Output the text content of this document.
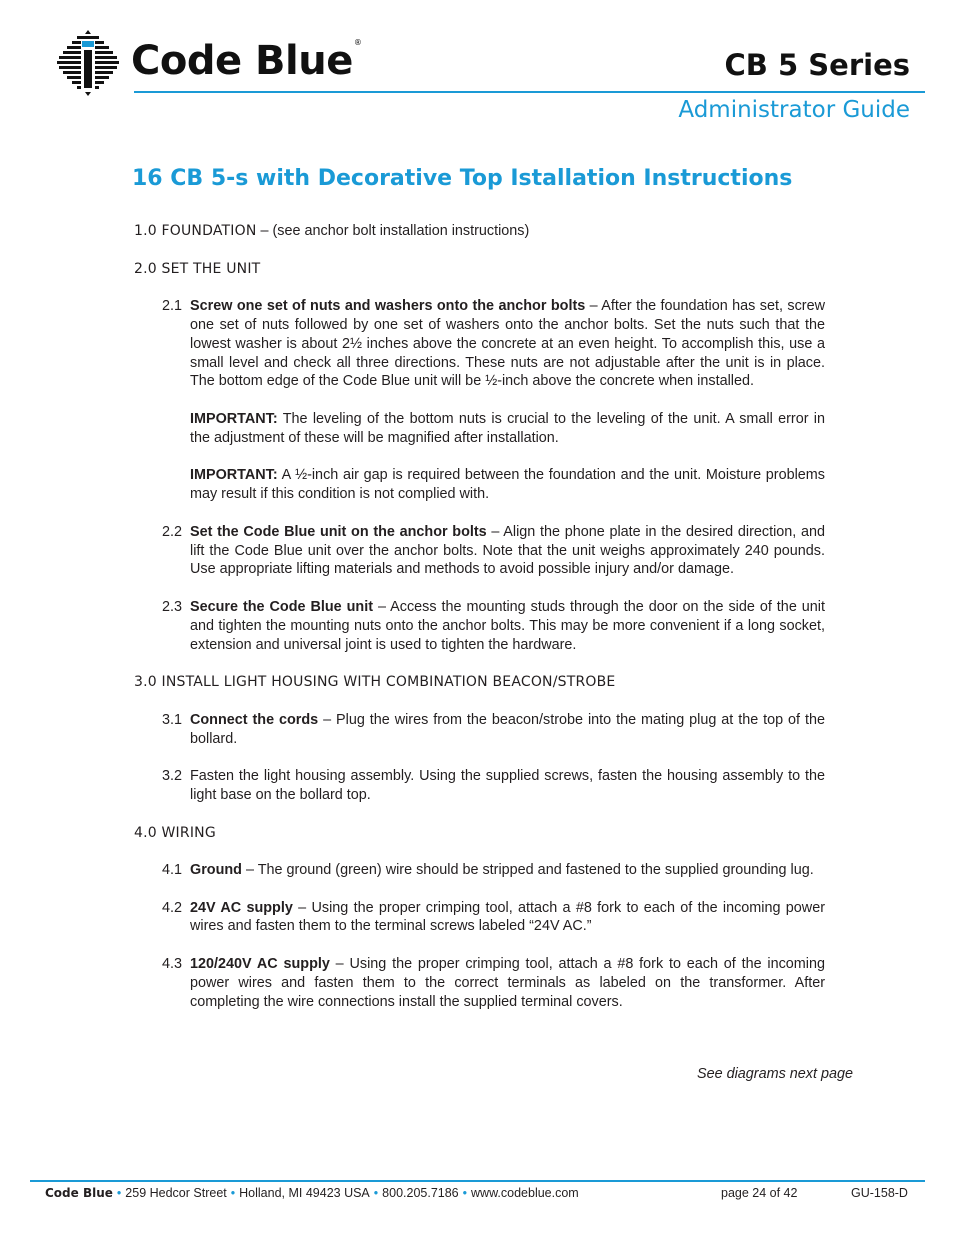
Code Blue®
CB 5 Series
Administrator Guide
16 CB 5-s with Decorative Top Istallation Instructions
1.0 FOUNDATION – (see anchor bolt installation instructions)
2.0 SET THE UNIT
2.1 Screw one set of nuts and washers onto the anchor bolts – After the foundation has set, screw one set of nuts followed by one set of washers onto the anchor bolts. Set the nuts such that the lowest washer is about 2½ inches above the concrete at an even height. To accomplish this, use a small level and check all three directions. These nuts are not adjustable after the unit is in place. The bottom edge of the Code Blue unit will be ½-inch above the concrete when installed.
IMPORTANT: The leveling of the bottom nuts is crucial to the leveling of the unit. A small error in the adjustment of these will be magnified after installation.
IMPORTANT: A ½-inch air gap is required between the foundation and the unit. Moisture problems may result if this condition is not complied with.
2.2 Set the Code Blue unit on the anchor bolts – Align the phone plate in the desired direction, and lift the Code Blue unit over the anchor bolts. Note that the unit weighs approximately 240 pounds. Use appropriate lifting materials and methods to avoid possible injury and/or damage.
2.3 Secure the Code Blue unit – Access the mounting studs through the door on the side of the unit and tighten the mounting nuts onto the anchor bolts. This may be more convenient if a long socket, extension and universal joint is used to tighten the hardware.
3.0 INSTALL LIGHT HOUSING WITH COMBINATION BEACON/STROBE
3.1 Connect the cords – Plug the wires from the beacon/strobe into the mating plug at the top of the bollard.
3.2 Fasten the light housing assembly. Using the supplied screws, fasten the housing assembly to the light base on the bollard top.
4.0 WIRING
4.1 Ground – The ground (green) wire should be stripped and fastened to the supplied grounding lug.
4.2 24V AC supply – Using the proper crimping tool, attach a #8 fork to each of the incoming power wires and fasten them to the terminal screws labeled “24V AC.”
4.3 120/240V AC supply – Using the proper crimping tool, attach a #8 fork to each of the incoming power wires and fasten them to the correct terminals as labeled on the transformer. After completing the wire connections install the supplied terminal covers.
See diagrams next page
Code Blue • 259 Hedcor Street • Holland, MI 49423 USA • 800.205.7186 • www.codeblue.com	page 24 of 42	GU-158-D
